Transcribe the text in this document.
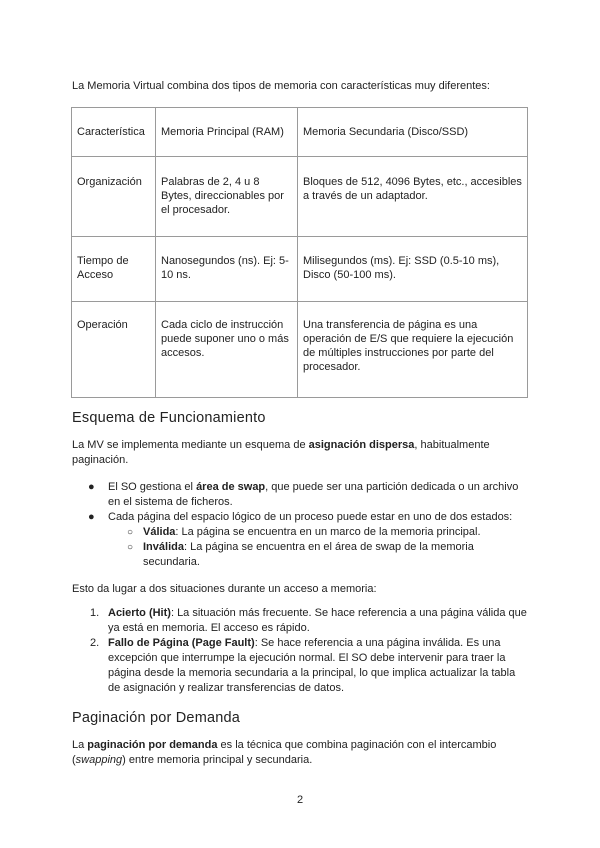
La Memoria Virtual combina dos tipos de memoria con características muy diferentes:

Característica	Memoria Principal (RAM)	Memoria Secundaria (Disco/SSD)
Organización	Palabras de 2, 4 u 8 Bytes, direccionables por el procesador.	Bloques de 512, 4096 Bytes, etc., accesibles a través de un adaptador.
Tiempo de Acceso	Nanosegundos (ns). Ej: 5-10 ns.	Milisegundos (ms). Ej: SSD (0.5-10 ms), Disco (50-100 ms).
Operación	Cada ciclo de instrucción puede suponer uno o más accesos.	Una transferencia de página es una operación de E/S que requiere la ejecución de múltiples instrucciones por parte del procesador.
Esquema de Funcionamiento

La MV se implementa mediante un esquema de asignación dispersa, habitualmente paginación.

● El SO gestiona el área de swap, que puede ser una partición dedicada o un archivo en el sistema de ficheros.
● Cada página del espacio lógico de un proceso puede estar en uno de dos estados:
○ Válida: La página se encuentra en un marco de la memoria principal.
○ Inválida: La página se encuentra en el área de swap de la memoria secundaria.

Esto da lugar a dos situaciones durante un acceso a memoria:

1. Acierto (Hit): La situación más frecuente. Se hace referencia a una página válida que ya está en memoria. El acceso es rápido.
2. Fallo de Página (Page Fault): Se hace referencia a una página inválida. Es una excepción que interrumpe la ejecución normal. El SO debe intervenir para traer la página desde la memoria secundaria a la principal, lo que implica actualizar la tabla de asignación y realizar transferencias de datos.
Paginación por Demanda

La paginación por demanda es la técnica que combina paginación con el intercambio (swapping) entre memoria principal y secundaria.

2
